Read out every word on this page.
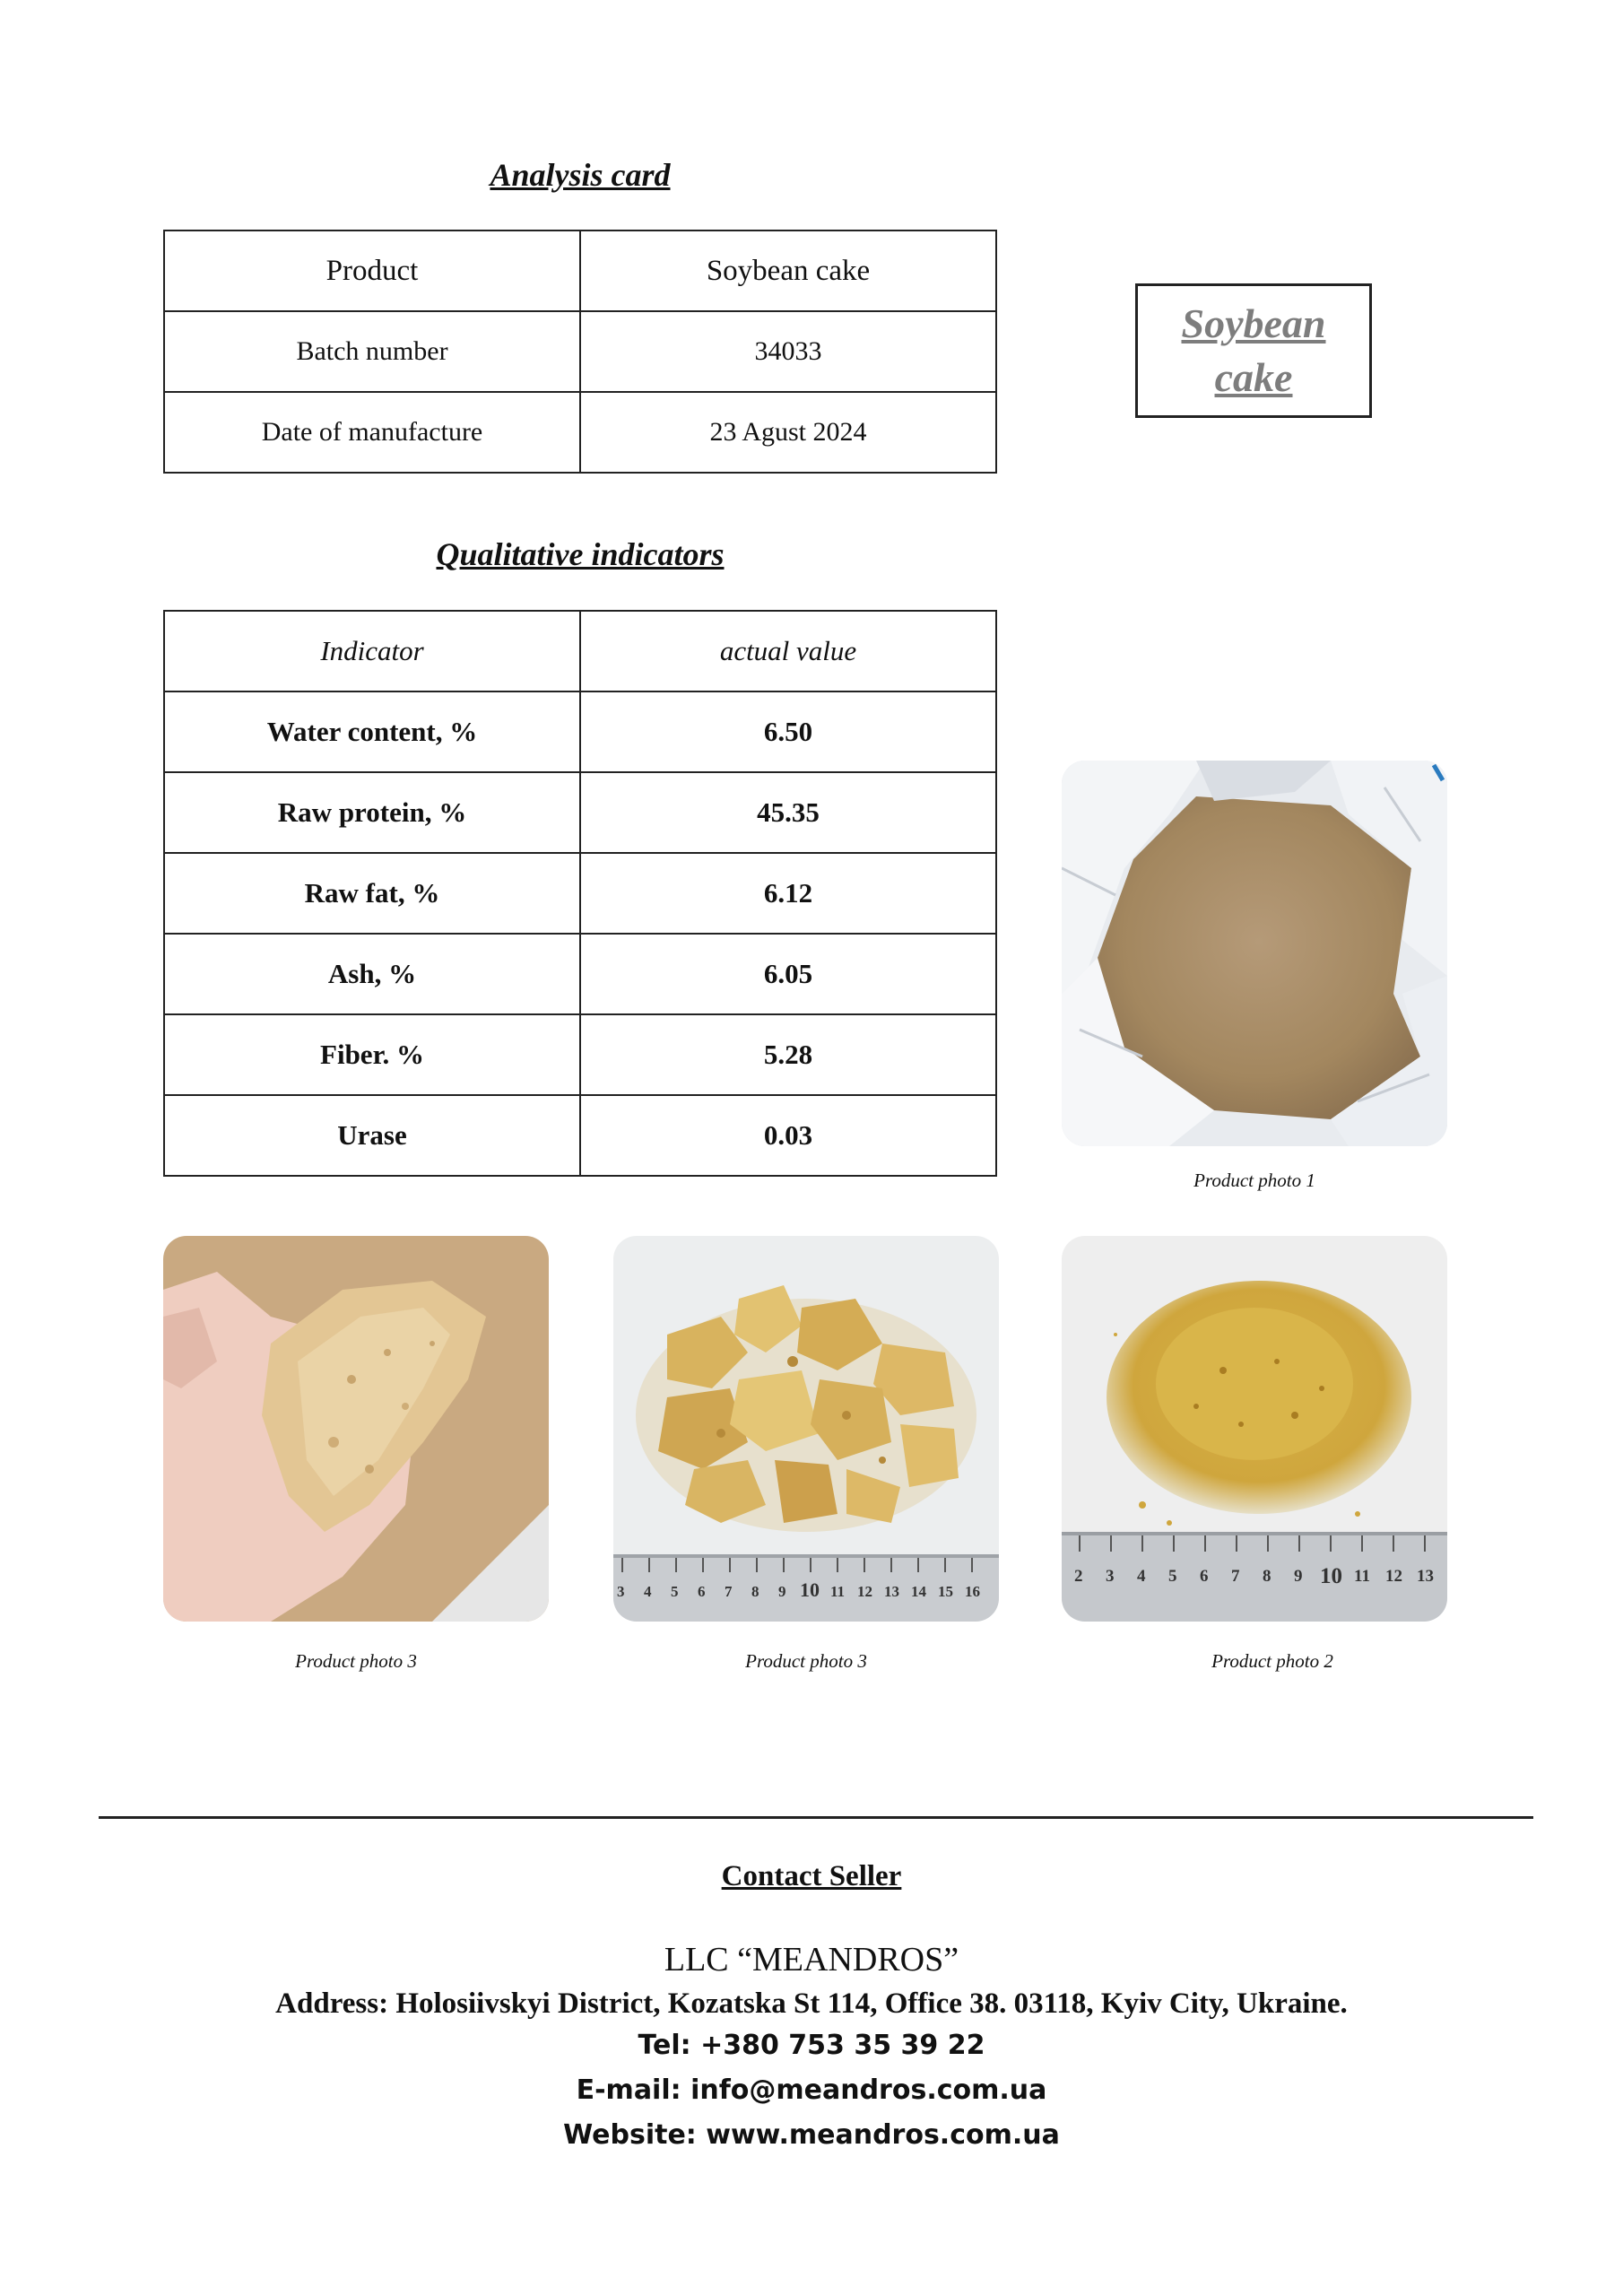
Analysis card
Product	Soybean cake
Batch number	34033
Date of manufacture	23 Agust 2024
Soybean
cake
Qualitative indicators
Indicator	actual value
Water content, %	6.50
Raw protein, %	45.35
Raw fat, %	6.12
Ash, %	6.05
Fiber. %	5.28
Urase	0.03
Product photo 1
Product photo 3
3 4 5 6 7 8 9 10 11 12 13 14 15 16
Product photo 3
2 3 4 5 6 7 8 9 10 11 12 13
Product photo 2
Contact Seller
LLC “MEANDROS”
Address: Holosiivskyi District, Kozatska St 114, Office 38. 03118, Kyiv City, Ukraine.
Tel: +380 753 35 39 22
E-mail: info@meandros.com.ua
Website: www.meandros.com.ua
